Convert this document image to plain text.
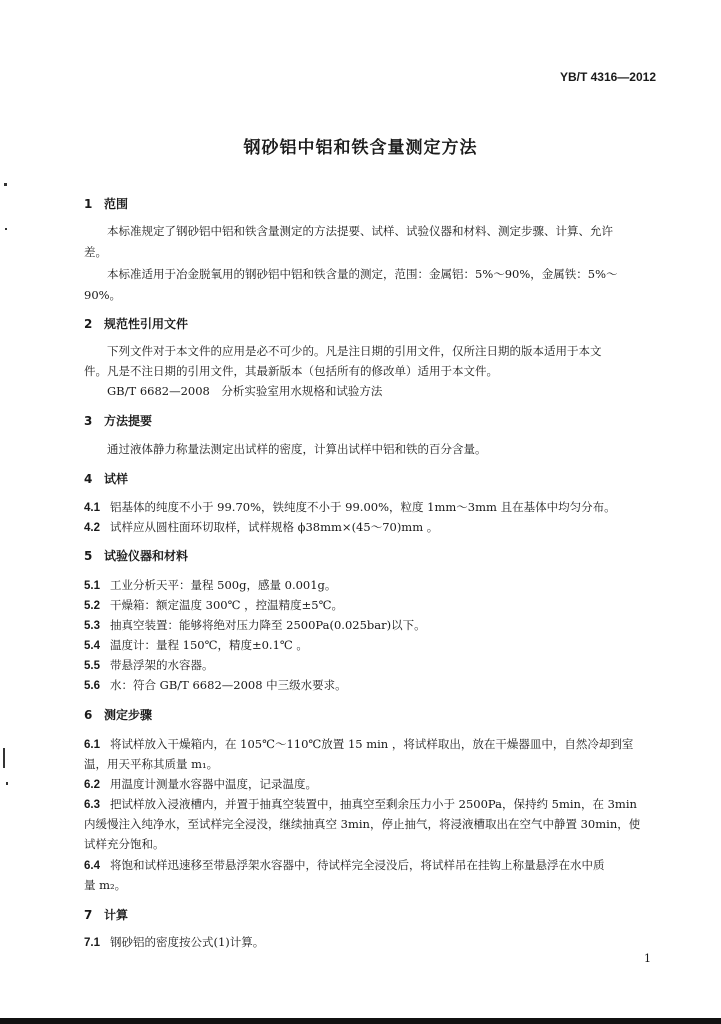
YB/T 4316—2012
钢砂铝中铝和铁含量测定方法
1 范围
本标准规定了钢砂铝中铝和铁含量测定的方法提要、试样、试验仪器和材料、测定步骤、计算、允许
差。
本标准适用于冶金脱氧用的钢砂铝中铝和铁含量的测定，范围：金属铝：5%～90%，金属铁：5%～
90%。
2 规范性引用文件
下列文件对于本文件的应用是必不可少的。凡是注日期的引用文件，仅所注日期的版本适用于本文
件。凡是不注日期的引用文件，其最新版本（包括所有的修改单）适用于本文件。
GB/T 6682—2008　分析实验室用水规格和试验方法
3 方法提要
通过液体静力称量法测定出试样的密度，计算出试样中铝和铁的百分含量。
4 试样
4.1 铝基体的纯度不小于 99.70%，铁纯度不小于 99.00%，粒度 1mm～3mm 且在基体中均匀分布。
4.2 试样应从圆柱面环切取样，试样规格 ϕ38mm×(45～70)mm 。
5 试验仪器和材料
5.1 工业分析天平：量程 500g，感量 0.001g。
5.2 干燥箱：额定温度 300℃ ，控温精度±5℃。
5.3 抽真空装置：能够将绝对压力降至 2500Pa(0.025bar)以下。
5.4 温度计：量程 150℃，精度±0.1℃ 。
5.5 带悬浮架的水容器。
5.6 水：符合 GB/T 6682—2008 中三级水要求。
6 测定步骤
6.1 将试样放入干燥箱内，在 105℃～110℃放置 15 min ，将试样取出，放在干燥器皿中，自然冷却到室
温，用天平称其质量 m₁。
6.2 用温度计测量水容器中温度，记录温度。
6.3 把试样放入浸液槽内，并置于抽真空装置中，抽真空至剩余压力小于 2500Pa，保持约 5min，在 3min
内缓慢注入纯净水，至试样完全浸没，继续抽真空 3min，停止抽气，将浸液槽取出在空气中静置 30min，使
试样充分饱和。
6.4 将饱和试样迅速移至带悬浮架水容器中，待试样完全浸没后，将试样吊在挂钩上称量悬浮在水中质
量 m₂。
7 计算
7.1 钢砂铝的密度按公式(1)计算。
1
